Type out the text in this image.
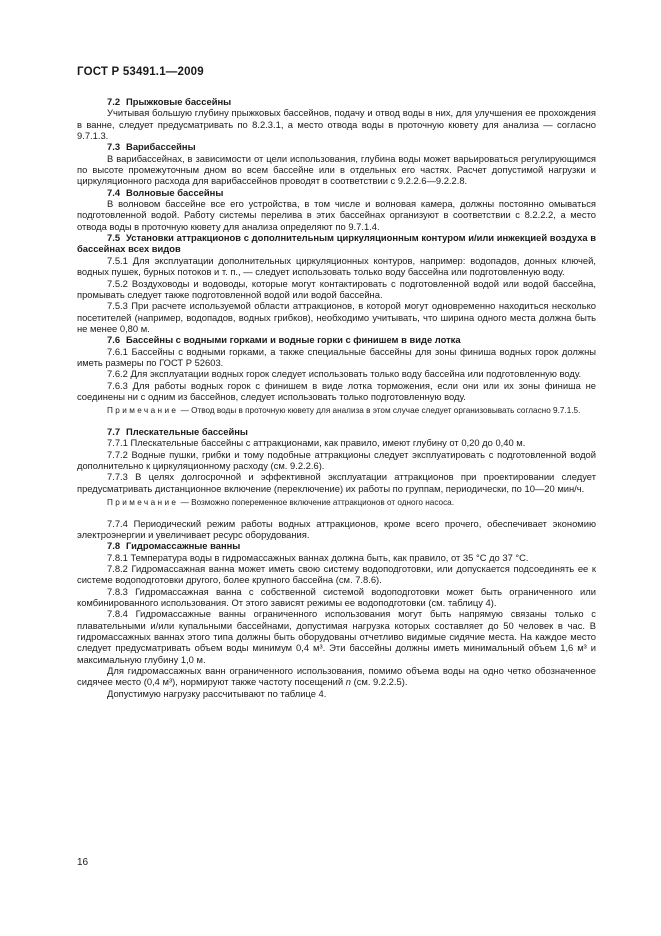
ГОСТ Р 53491.1—2009

7.2 Прыжковые бассейны

Учитывая большую глубину прыжковых бассейнов, подачу и отвод воды в них, для улучшения ее прохождения в ванне, следует предусматривать по 8.2.3.1, а место отвода воды в проточную кювету для анализа — согласно 9.7.1.3.

7.3 Варибассейны

В варибассейнах, в зависимости от цели использования, глубина воды может варьироваться регулирующимся по высоте промежуточным дном во всем бассейне или в отдельных его частях. Расчет допустимой нагрузки и циркуляционного расхода для варибассейнов проводят в соответствии с 9.2.2.6—9.2.2.8.

7.4 Волновые бассейны

В волновом бассейне все его устройства, в том числе и волновая камера, должны постоянно омываться подготовленной водой. Работу системы перелива в этих бассейнах организуют в соответствии с 8.2.2.2, а место отвода воды в проточную кювету для анализа определяют по 9.7.1.4.

7.5 Установки аттракционов с дополнительным циркуляционным контуром и/или инжекцией воздуха в бассейнах всех видов

7.5.1 Для эксплуатации дополнительных циркуляционных контуров, например: водопадов, донных ключей, водных пушек, бурных потоков и т. п., — следует использовать только воду бассейна или подготовленную воду.

7.5.2 Воздуховоды и водоводы, которые могут контактировать с подготовленной водой или водой бассейна, промывать следует также подготовленной водой или водой бассейна.

7.5.3 При расчете используемой области аттракционов, в которой могут одновременно находиться несколько посетителей (например, водопадов, водных грибков), необходимо учитывать, что ширина одного места должна быть не менее 0,80 м.

7.6 Бассейны с водными горками и водные горки с финишем в виде лотка

7.6.1 Бассейны с водными горками, а также специальные бассейны для зоны финиша водных горок должны иметь размеры по ГОСТ Р 52603.

7.6.2 Для эксплуатации водных горок следует использовать только воду бассейна или подготовленную воду.

7.6.3 Для работы водных горок с финишем в виде лотка торможения, если они или их зоны финиша не соединены ни с одним из бассейнов, следует использовать только подготовленную воду.

Примечание — Отвод воды в проточную кювету для анализа в этом случае следует организовывать согласно 9.7.1.5.

7.7 Плескательные бассейны

7.7.1 Плескательные бассейны с аттракционами, как правило, имеют глубину от 0,20 до 0,40 м.

7.7.2 Водные пушки, грибки и тому подобные аттракционы следует эксплуатировать с подготовленной водой дополнительно к циркуляционному расходу (см. 9.2.2.6).

7.7.3 В целях долгосрочной и эффективной эксплуатации аттракционов при проектировании следует предусматривать дистанционное включение (переключение) их работы по группам, периодически, по 10—20 мин/ч.

Примечание — Возможно попеременное включение аттракционов от одного насоса.

7.7.4 Периодический режим работы водных аттракционов, кроме всего прочего, обеспечивает экономию электроэнергии и увеличивает ресурс оборудования.

7.8 Гидромассажные ванны

7.8.1 Температура воды в гидромассажных ваннах должна быть, как правило, от 35 °С до 37 °С.

7.8.2 Гидромассажная ванна может иметь свою систему водоподготовки, или допускается подсоединять ее к системе водоподготовки другого, более крупного бассейна (см. 7.8.6).

7.8.3 Гидромассажная ванна с собственной системой водоподготовки может быть ограниченного или комбинированного использования. От этого зависят режимы ее водоподготовки (см. таблицу 4).

7.8.4 Гидромассажные ванны ограниченного использования могут быть напрямую связаны только с плавательными и/или купальными бассейнами, допустимая нагрузка которых составляет до 50 человек в час. В гидромассажных ваннах этого типа должны быть оборудованы отчетливо видимые сидячие места. На каждое место следует предусматривать объем воды минимум 0,4 м³. Эти бассейны должны иметь минимальный объем 1,6 м³ и максимальную глубину 1,0 м.

Для гидромассажных ванн ограниченного использования, помимо объема воды на одно четко обозначенное сидячее место (0,4 м³), нормируют также частоту посещений n (см. 9.2.2.5).

Допустимую нагрузку рассчитывают по таблице 4.

16
